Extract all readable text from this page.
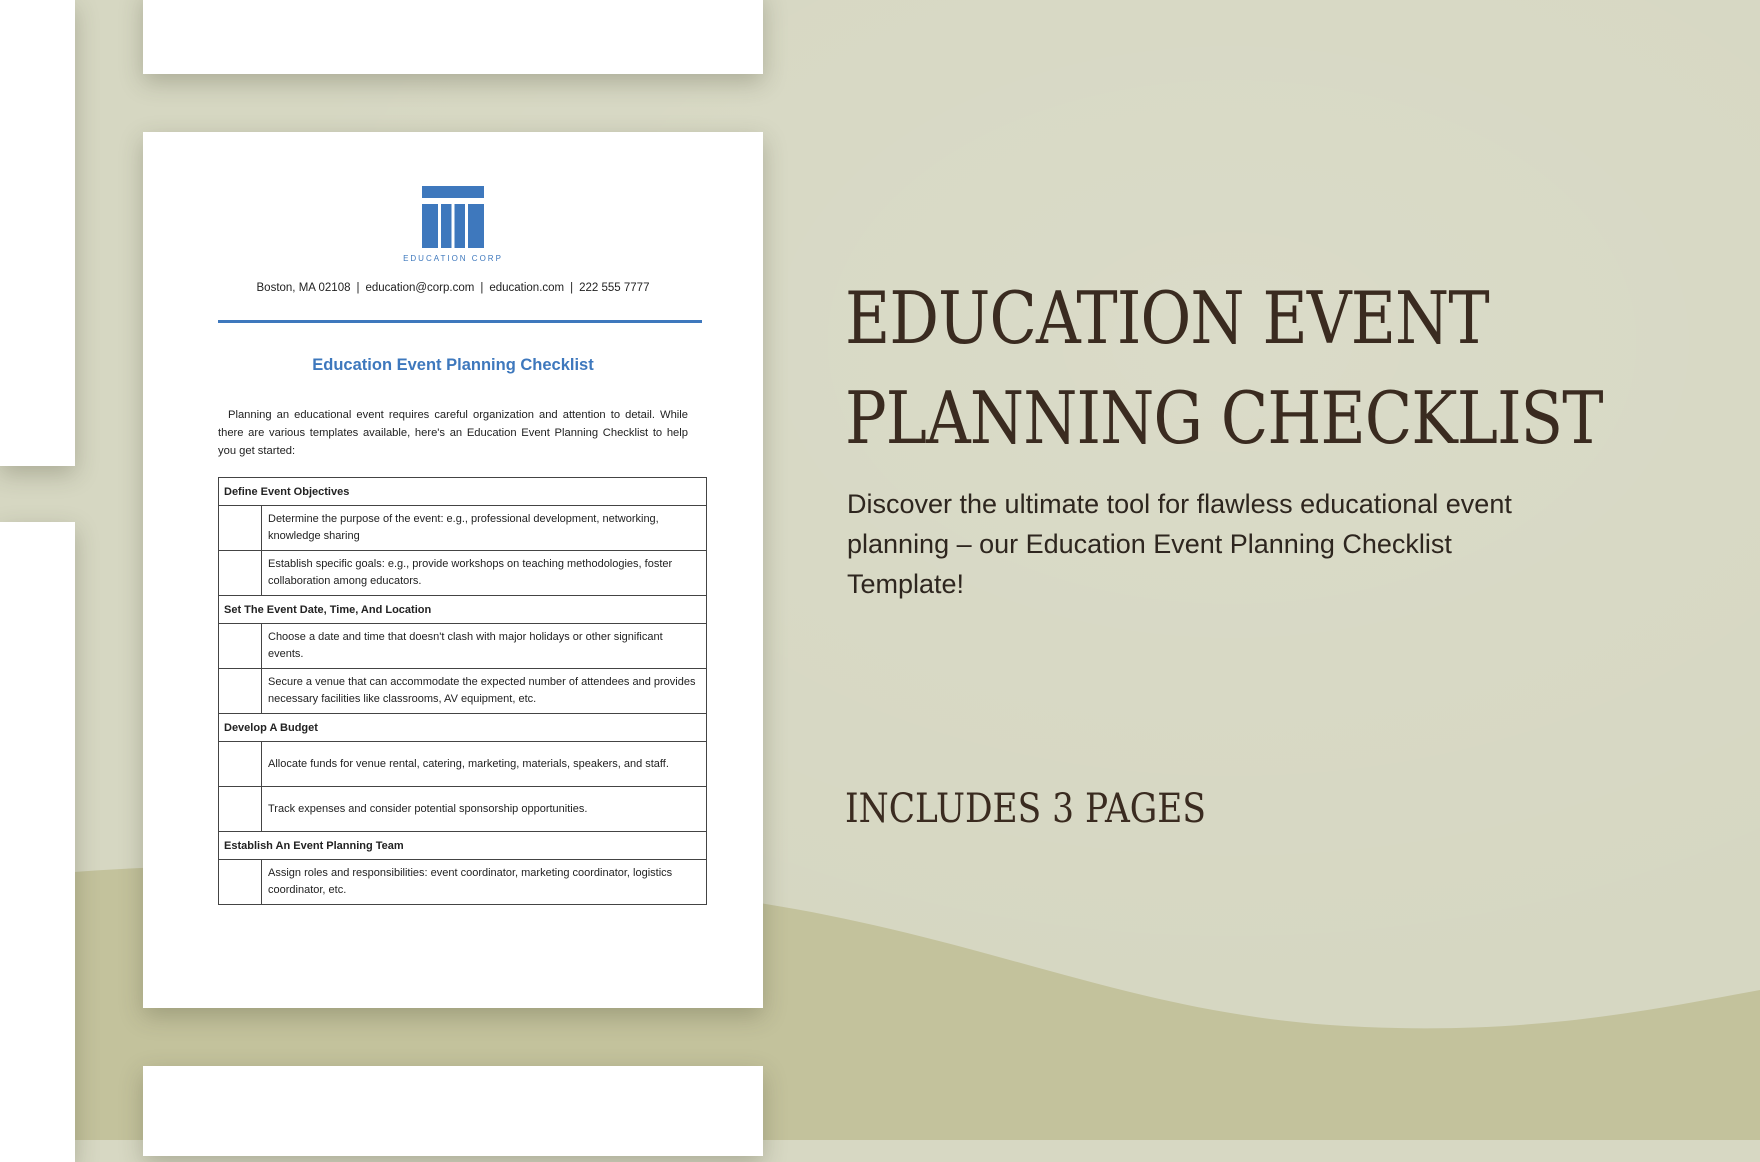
EDUCATION CORP
Boston, MA 02108 | education@corp.com | education.com | 222 555 7777
Education Event Planning Checklist

Planning an educational event requires careful organization and attention to detail. While there are various templates available, here's an Education Event Planning Checklist to help you get started:

Define Event Objectives	
	Determine the purpose of the event: e.g., professional development, networking, knowledge sharing
	Establish specific goals: e.g., provide workshops on teaching methodologies, foster collaboration among educators.
Set The Event Date, Time, And Location	
	Choose a date and time that doesn't clash with major holidays or other significant events.
	Secure a venue that can accommodate the expected number of attendees and provides necessary facilities like classrooms, AV equipment, etc.
Develop A Budget	
	Allocate funds for venue rental, catering, marketing, materials, speakers, and staff.
	Track expenses and consider potential sponsorship opportunities.
Establish An Event Planning Team	
	Assign roles and responsibilities: event coordinator, marketing coordinator, logistics coordinator, etc.
EDUCATION EVENT
PLANNING CHECKLIST
Discover the ultimate tool for flawless educational event planning – our Education Event Planning Checklist Template!
INCLUDES 3 PAGES
